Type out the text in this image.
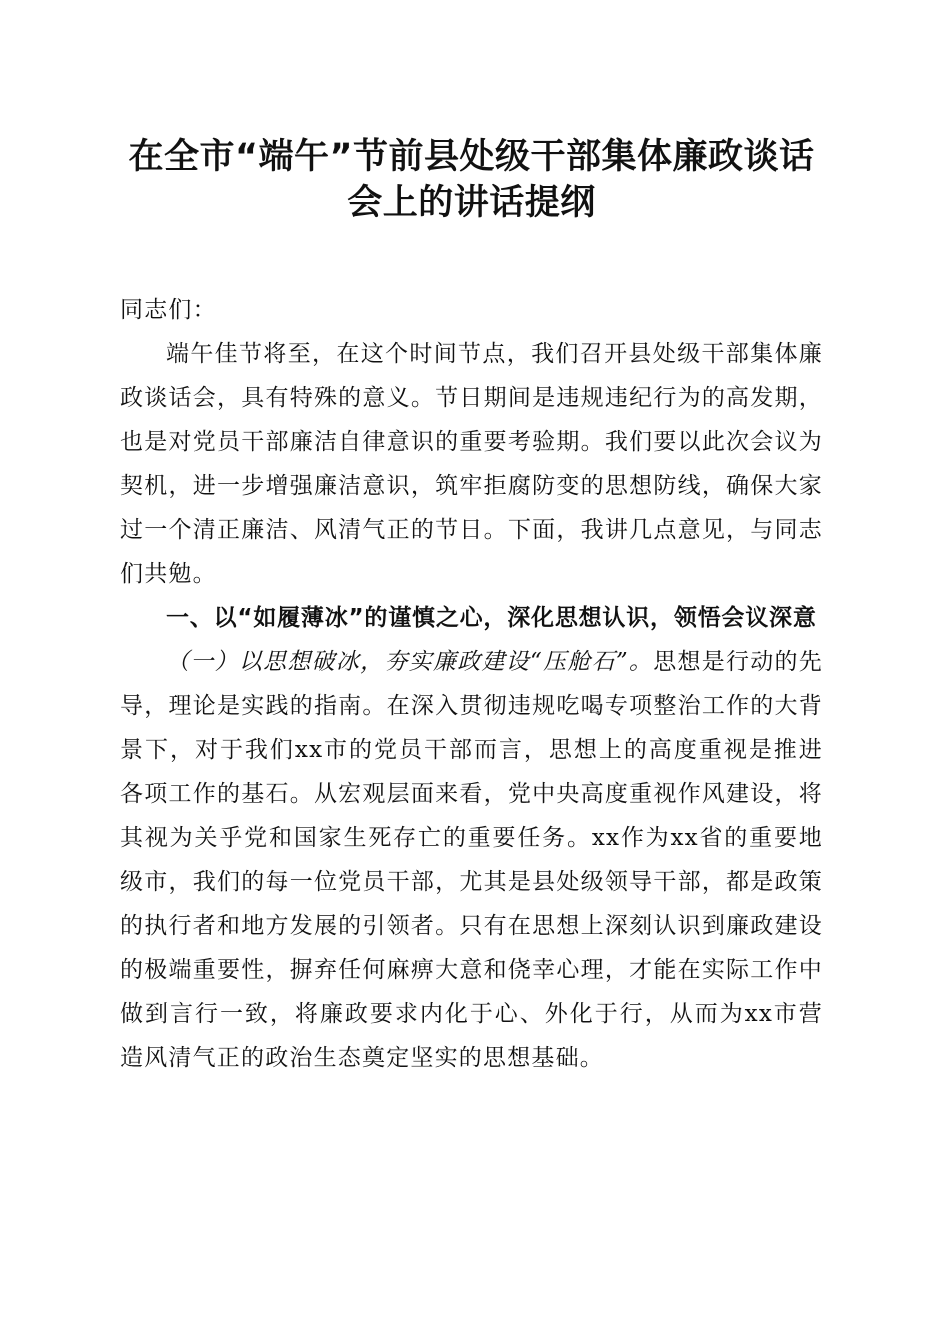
在全市“端午”节前县处级干部集体廉政谈话
会上的讲话提纲

同志们：

端午佳节将至，在这个时间节点，我们召开县处级干部集体廉政谈话会，具有特殊的意义。节日期间是违规违纪行为的高发期，也是对党员干部廉洁自律意识的重要考验期。我们要以此次会议为契机，进一步增强廉洁意识，筑牢拒腐防变的思想防线，确保大家过一个清正廉洁、风清气正的节日。下面，我讲几点意见，与同志们共勉。

一、以“如履薄冰”的谨慎之心，深化思想认识，领悟会议深意

（一）以思想破冰，夯实廉政建设“压舱石”。思想是行动的先导，理论是实践的指南。在深入贯彻违规吃喝专项整治工作的大背景下，对于我们xx市的党员干部而言，思想上的高度重视是推进各项工作的基石。从宏观层面来看，党中央高度重视作风建设，将其视为关乎党和国家生死存亡的重要任务。xx作为xx省的重要地级市，我们的每一位党员干部，尤其是县处级领导干部，都是政策的执行者和地方发展的引领者。只有在思想上深刻认识到廉政建设的极端重要性，摒弃任何麻痹大意和侥幸心理，才能在实际工作中做到言行一致，将廉政要求内化于心、外化于行，从而为xx市营造风清气正的政治生态奠定坚实的思想基础。
